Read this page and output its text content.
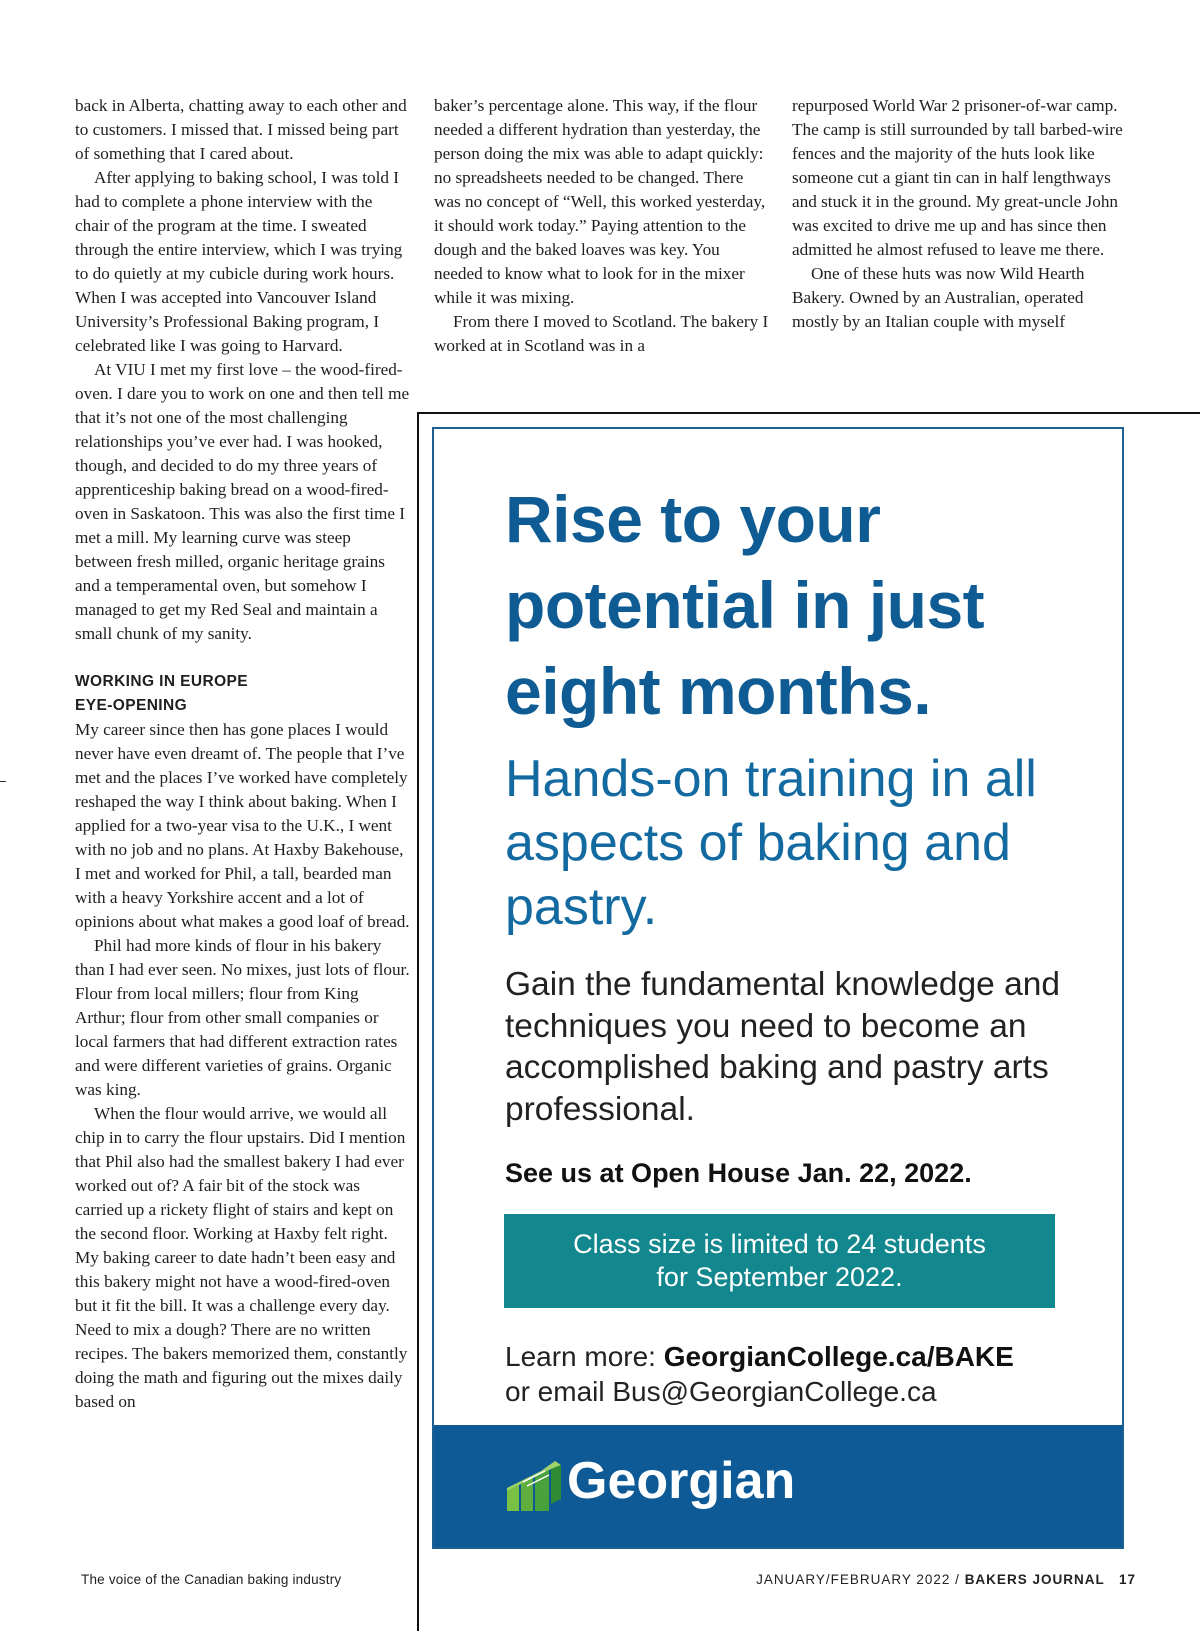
back in Alberta, chatting away to each other and to customers. I missed that. I missed being part of something that I cared about.

After applying to baking school, I was told I had to complete a phone interview with the chair of the program at the time. I sweated through the entire interview, which I was trying to do quietly at my cubicle during work hours. When I was accepted into Vancouver Island University’s Professional Baking program, I celebrated like I was going to Harvard.

At VIU I met my first love – the wood-fired-oven. I dare you to work on one and then tell me that it’s not one of the most challenging relationships you’ve ever had. I was hooked, though, and decided to do my three years of apprenticeship baking bread on a wood-fired-oven in Saskatoon. This was also the first time I met a mill. My learning curve was steep between fresh milled, organic heritage grains and a temperamental oven, but somehow I managed to get my Red Seal and maintain a small chunk of my sanity.

WORKING IN EUROPE
EYE-OPENING

My career since then has gone places I would never have even dreamt of. The people that I’ve met and the places I’ve worked have completely reshaped the way I think about baking. When I applied for a two-year visa to the U.K., I went with no job and no plans. At Haxby Bakehouse, I met and worked for Phil, a tall, bearded man with a heavy Yorkshire accent and a lot of opinions about what makes a good loaf of bread.

Phil had more kinds of flour in his bakery than I had ever seen. No mixes, just lots of flour. Flour from local millers; flour from King Arthur; flour from other small companies or local farmers that had different extraction rates and were different varieties of grains. Organic was king.

When the flour would arrive, we would all chip in to carry the flour upstairs. Did I mention that Phil also had the smallest bakery I had ever worked out of? A fair bit of the stock was carried up a rickety flight of stairs and kept on the second floor. Working at Haxby felt right. My baking career to date hadn’t been easy and this bakery might not have a wood-fired-oven but it fit the bill. It was a challenge every day. Need to mix a dough? There are no written recipes. The bakers memorized them, constantly doing the math and figuring out the mixes daily based on

baker’s percentage alone. This way, if the flour needed a different hydration than yesterday, the person doing the mix was able to adapt quickly: no spreadsheets needed to be changed. There was no concept of “Well, this worked yesterday, it should work today.” Paying attention to the dough and the baked loaves was key. You needed to know what to look for in the mixer while it was mixing.

From there I moved to Scotland. The bakery I worked at in Scotland was in a

repurposed World War 2 prisoner-of-war camp. The camp is still surrounded by tall barbed-wire fences and the majority of the huts look like someone cut a giant tin can in half lengthways and stuck it in the ground. My great-uncle John was excited to drive me up and has since then admitted he almost refused to leave me there.

One of these huts was now Wild Hearth Bakery. Owned by an Australian, operated mostly by an Italian couple with myself

Rise to your potential in just eight months.
Hands-on training in all aspects of baking and pastry.
Gain the fundamental knowledge and techniques you need to become an accomplished baking and pastry arts professional.
See us at Open House Jan. 22, 2022.
Class size is limited to 24 students
for September 2022.
Learn more: GeorgianCollege.ca/BAKE
or email Bus@GeorgianCollege.ca
Georgian
The voice of the Canadian baking industry	JANUARY/FEBRUARY 2022 / BAKERS JOURNAL 17
